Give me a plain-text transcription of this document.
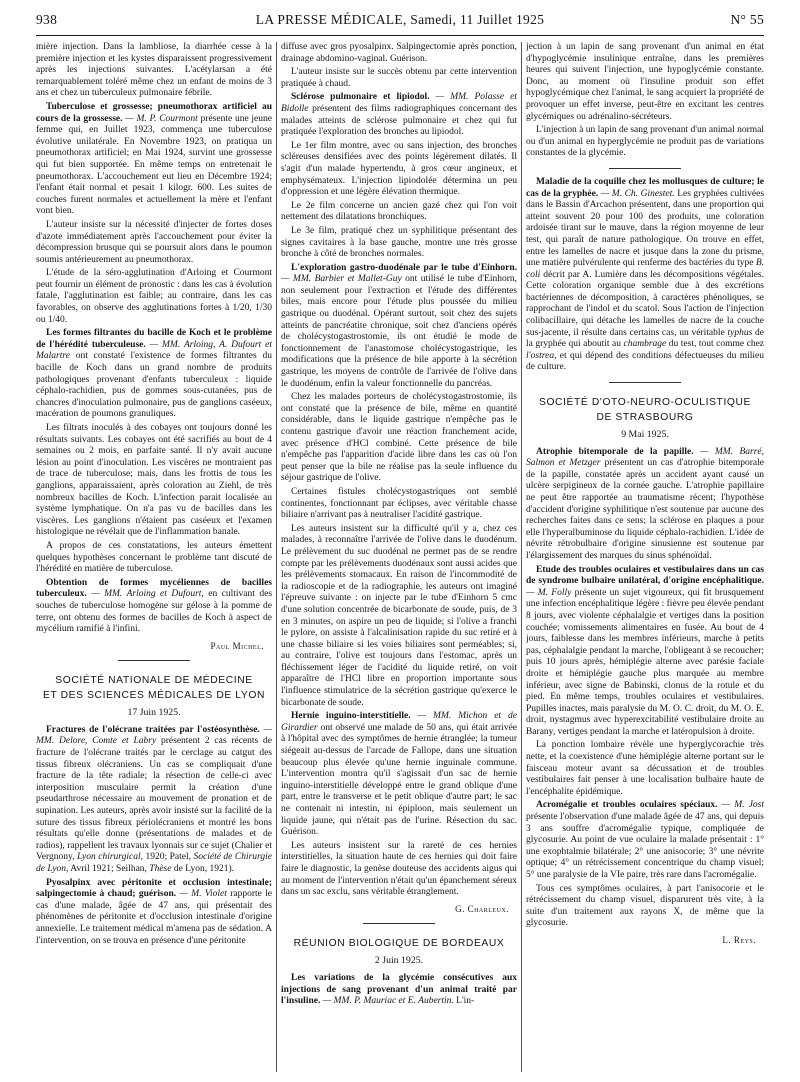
938	LA PRESSE MÉDICALE, Samedi, 11 Juillet 1925	N° 55

mière injection. Dans la lambliose, la diarrhée cesse à la première injection et les kystes disparaissent progressivement après les injections suivantes. L'acétylarsan a été remarquablement toléré même chez un enfant de moins de 3 ans et chez un tuberculeux pulmonaire fébrile.

Tuberculose et grossesse; pneumothorax artificiel au cours de la grossesse. — M. P. Courmont présente une jeune femme qui, en Juillet 1923, commença une tuberculose évolutive unilatérale. En Novembre 1923, on pratiqua un pneumothorax artificiel; en Mai 1924, survint une grossesse qui fut bien supportée. En même temps on entretenait le pneumothorax. L'accouchement eut lieu en Décembre 1924; l'enfant était normal et pesait 1 kilogr. 600. Les suites de couches furent normales et actuellement la mère et l'enfant vont bien.

L'auteur insiste sur la nécessité d'injecter de fortes doses d'azote immédiatement après l'accouchement pour éviter la décompression brusque qui se poursuit alors dans le poumon soumis antérieurement au pneumothorax.

L'étude de la séro-agglutination d'Arloing et Courmont peut fournir un élément de pronostic : dans les cas à évolution fatale, l'agglutination est faible; au contraire, dans les cas favorables, on observe des agglutinations fortes à 1/20, 1/30 ou 1/40.

Les formes filtrantes du bacille de Koch et le problème de l'hérédité tuberculeuse. — MM. Arloing, A. Dufourt et Malartre ont constaté l'existence de formes filtrantes du bacille de Koch dans un grand nombre de produits pathologiques provenant d'enfants tuberculeux : liquide céphalo-rachidien, pus de gommes sous-cutanées, pus de chancres d'inoculation pulmonaire, pus de ganglions caséeux, macération de poumons granuliques.

Les filtrats inoculés à des cobayes ont toujours donné les résultats suivants. Les cobayes ont été sacrifiés au bout de 4 semaines ou 2 mois, en parfaite santé. Il n'y avait aucune lésion au point d'inoculation. Les viscères ne montraient pas de trace de tuberculose; mais, dans les frottis de tous les ganglions, apparaissaient, après coloration au Ziehl, de très nombreux bacilles de Koch. L'infection parait localisée au système lymphatique. On n'a pas vu de bacilles dans les viscères. Les ganglions n'étaient pas caséeux et l'examen histologique ne révélait que de l'inflammation banale.

A propos de ces constatations, les auteurs émettent quelques hypothèses concernant le problème tant discuté de l'hérédité en matière de tuberculose.

Obtention de formes mycéliennes de bacilles tuberculeux. — MM. Arloing et Dufourt, en cultivant des souches de tuberculose homogène sur gélose à la pomme de terre, ont obtenu des formes de bacilles de Koch à aspect de mycélium ramifié à l'infini.

Paul Michel.
SOCIÉTÉ NATIONALE DE MÉDECINE
ET DES SCIENCES MÉDICALES DE LYON
17 Juin 1925.

Fractures de l'olécrane traitées par l'ostéosynthèse. — MM. Delore, Comte et Labry présentent 2 cas récents de fracture de l'olécrane traités par le cerclage au catgut des tissus fibreux olécraniens. Un cas se compliquait d'une fracture de la tête radiale; la résection de celle-ci avec interposition musculaire permit la création d'une pseudarthrose nécessaire au mouvement de pronation et de supination. Les auteurs, après avoir insisté sur la facilité de la suture des tissus fibreux périolécraniens et montré les bons résultats qu'elle donne (présentations de malades et de radios), rappellent les travaux lyonnais sur ce sujet (Chalier et Vergnony, Lyon chirurgical, 1920; Patel, Société de Chirurgie de Lyon, Avril 1921; Seilhan, Thèse de Lyon, 1921).

Pyosalpinx avec péritonite et occlusion intestinale; salpingectomie à chaud; guérison. — M. Violet rapporte le cas d'une malade, âgée de 47 ans, qui présentait des phénomènes de péritonite et d'occlusion intestinale d'origine annexielle. Le traitement médical m'amena pas de sédation. A l'intervention, on se trouva en présence d'une péritonite

diffuse avec gros pyosalpinx. Salpingectomie après ponction, drainage abdomino-vaginal. Guérison.

L'auteur insiste sur le succès obtenu par cette intervention pratiquée à chaud.

Sclérose pulmonaire et lipiodol. — MM. Polasse et Bidolle présentent des films radiographiques concernant des malades atteints de sclérose pulmonaire et chez qui fut pratiquée l'exploration des bronches au lipiodol.

Le 1er film montre, avec ou sans injection, des bronches scléreuses densifiées avec des points légèrement dilatés. Il s'agit d'un malade hypertendu, à gros cœur angineux, et emphysémateux. L'injection lipiodolée détermina un peu d'oppression et une légère élévation thermique.

Le 2e film concerne un ancien gazé chez qui l'on voit nettement des dilatations bronchiques.

Le 3e film, pratiqué chez un syphilitique présentant des signes cavitaires à la base gauche, montre une très grosse bronche à côté de bronches normales.

L'exploration gastro-duodénale par le tube d'Einhorn. — MM. Barbier et Mallet-Guy ont utilisé le tube d'Einhorn, non seulement pour l'extraction et l'étude des différentes biles, mais encore pour l'étude plus poussée du milieu gastrique ou duodénal. Opérant surtout, soit chez des sujets atteints de pancréatite chronique, soit chez d'anciens opérés de cholécystogastrostomie, ils ont étudié le mode de fonctionnement de l'anastomose cholécystogastrique, les modifications que la présence de bile apporte à la sécrétion gastrique, les moyens de contrôle de l'arrivée de l'olive dans le duodénum, enfin la valeur fonctionnelle du pancréas.

Chez les malades porteurs de cholécystogastrostomie, ils ont constaté que la présence de bile, même en quantité considérable, dans le liquide gastrique n'empêche pas le contenu gastrique d'avoir une réaction franchement acide, avec présence d'HCl combiné. Cette présence de bile n'empêche pas l'apparition d'acide libre dans les cas où l'on peut penser que la bile ne réalise pas la seule influence du séjour gastrique de l'olive.

Certaines fistules cholécystogastriques ont semblé continentes, fonctionnant par éclipses, avec véritable chasse biliaire n'arrivant pas à neutraliser l'acidité gastrique.

Les auteurs insistent sur la difficulté qu'il y a, chez ces malades, à reconnaître l'arrivée de l'olive dans le duodénum. Le prélèvement du suc duodénal ne permet pas de se rendre compte par les prélèvements duodénaux sont aussi acides que les prélèvements stomacaux. En raison de l'incommodité de la radioscopie et de la radiographie, les auteurs ont imaginé l'épreuve suivante : on injecte par le tube d'Einhorn 5 cmc d'une solution concentrée de bicarbonate de soude, puis, de 3 en 3 minutes, on aspire un peu de liquide; si l'olive a franchi le pylore, on assiste à l'alcalinisation rapide du suc retiré et à une chasse biliaire si les voies biliaires sont perméables; si, au contraire, l'olive est toujours dans l'estomac, après un fléchissement léger de l'acidité du liquide retiré, on voit apparaître de l'HCl libre en proportion importante sous l'influence stimulatrice de la sécrétion gastrique qu'exerce le bicarbonate de soude.

Hernie inguino-interstitielle. — MM. Michon et de Girardier ont observé une malade de 50 ans, qui était arrivée à l'hôpital avec des symptômes de hernie étranglée; la tumeur siégeait au-dessus de l'arcade de Fallope, dans une situation beaucoup plus élevée qu'une hernie inguinale commune. L'intervention montra qu'il s'agissait d'un sac de hernie inguino-interstitielle développé entre le grand oblique d'une part, entre le transverse et le petit oblique d'autre part; le sac ne contenait ni intestin, ni épiploon, mais seulement un liquide jaune, qui n'était pas de l'urine. Résection du sac. Guérison.

Les auteurs insistent sur la rareté de ces hernies interstitielles, la situation haute de ces hernies qui doit faire faire le diagnostic, la genèse douteuse des accidents aigus qui au moment de l'intervention n'était qu'un épanchement séreux dans un sac exclu, sans véritable étranglement.

G. Charleux.
RÉUNION BIOLOGIQUE DE BORDEAUX
2 Juin 1925.

Les variations de la glycémie consécutives aux injections de sang provenant d'un animal traité par l'insuline. — MM. P. Mauriac et E. Aubertin. L'in-

jection à un lapin de sang provenant d'un animal en état d'hypoglycémie insulinique entraîne, dans les premières heures qui suivent l'injection, une hypoglycémie constante. Donc, au moment où l'insuline produit son effet hypoglycémique chez l'animal, le sang acquiert la propriété de provoquer un effet inverse, peut-être en excitant les centres glycémiques ou adrénalino-sécréteurs.

L'injection à un lapin de sang provenant d'un animal normal ou d'un animal en hyperglycémie ne produit pas de variations constantes de la glycémie.

Maladie de la coquille chez les mollusques de culture; le cas de la gryphée. — M. Ch. Ginestet. Les gryphées cultivées dans le Bassin d'Arcachon présentent, dans une proportion qui atteint souvent 20 pour 100 des produits, une coloration ardoisée tirant sur le mauve, dans la région moyenne de leur test, qui paraît de nature pathologique. On trouve en effet, entre les lamelles de nacre et jusque dans la zone du prisme, une matière pulvérulente qui renferme des bactéries du type B. coli décrit par A. Lumière dans les décompositions végétales. Cette coloration organique semble due à des excrétions bactériennes de décomposition, à caractères phénoliques, se rapprochant de l'indol et du scatol. Sous l'action de l'injection colibacillaire, qui détache les lamelles de nacre de la couche sus-jacente, il résulte dans certains cas, un véritable typhus de la gryphée qui aboutit au chambrage du test, tout comme chez l'ostrea, et qui dépend des conditions défectueuses du milieu de culture.

SOCIÉTÉ D'OTO-NEURO-OCULISTIQUE
DE STRASBOURG
9 Mai 1925.

Atrophie bitemporale de la papille. — MM. Barré, Salmon et Metzger présentent un cas d'atrophie bitemporale de la papille, constatée après un accident ayant causé un ulcère serpigineux de la cornée gauche. L'atrophie papillaire ne peut être rapportée au traumatisme récent; l'hypothèse d'accident d'origine syphilitique n'est soutenue par aucune des recherches faites dans ce sens; la sclérose en plaques a pour elle l'hyperalbuminose du liquide céphalo-rachidien. L'idée de névrite rétrobulbaire d'origine sinusienne est soutenue par l'élargissement des marques du sinus sphénoïdal.

Etude des troubles oculaires et vestibulaires dans un cas de syndrome bulbaire unilatéral, d'origine encéphalitique. — M. Folly présente un sujet vigoureux, qui fit brusquement une infection encéphalitique légère : fièvre peu élevée pendant 8 jours, avec violente céphalalgie et vertiges dans la position couchée; vomissements alimentaires en fusée. Au bout de 4 jours, faiblesse dans les membres inférieurs, marche à petits pas, céphalalgie pendant la marche, l'obligeant à se recoucher; puis 10 jours après, hémiplégie alterne avec parésie faciale droite et hémiplégie gauche plus marquée au membre inférieur, avec signe de Babinski, clonus de la rotule et du pied. En même temps, troubles oculaires et vestibulaires. Pupilles inactes, mais paralysie du M. O. C. droit, du M. O. E. droit, nystagmus avec hyperexcitabilité vestibulaire droite au Barany, vertiges pendant la marche et latéropulsion à droite.

La ponction lombaire révèle une hyperglycorachie très nette, et la coexistence d'une hémiplégie alterne portant sur le faisceau moteur avant sa décussation et de troubles vestibulaires fait penser à une localisation bulbaire haute de l'encéphalite épidémique.

Acromégalie et troubles oculaires spéciaux. — M. Jost présente l'observation d'une malade âgée de 47 ans, qui depuis 3 ans souffre d'acromégalie typique, compliquée de glycosurie. Au point de vue oculaire la malade présentait : 1° une exophtalmie bilatérale; 2° une anisocorie; 3° une névrite optique; 4° un rétrécissement concentrique du champ visuel; 5° une paralysie de la VIe paire, très rare dans l'acromégalie.

Tous ces symptômes oculaires, à part l'anisocorie et le rétrécissement du champ visuel, disparurent très vite, à la suite d'un traitement aux rayons X, de même que la glycosurie.

L. Reys.
